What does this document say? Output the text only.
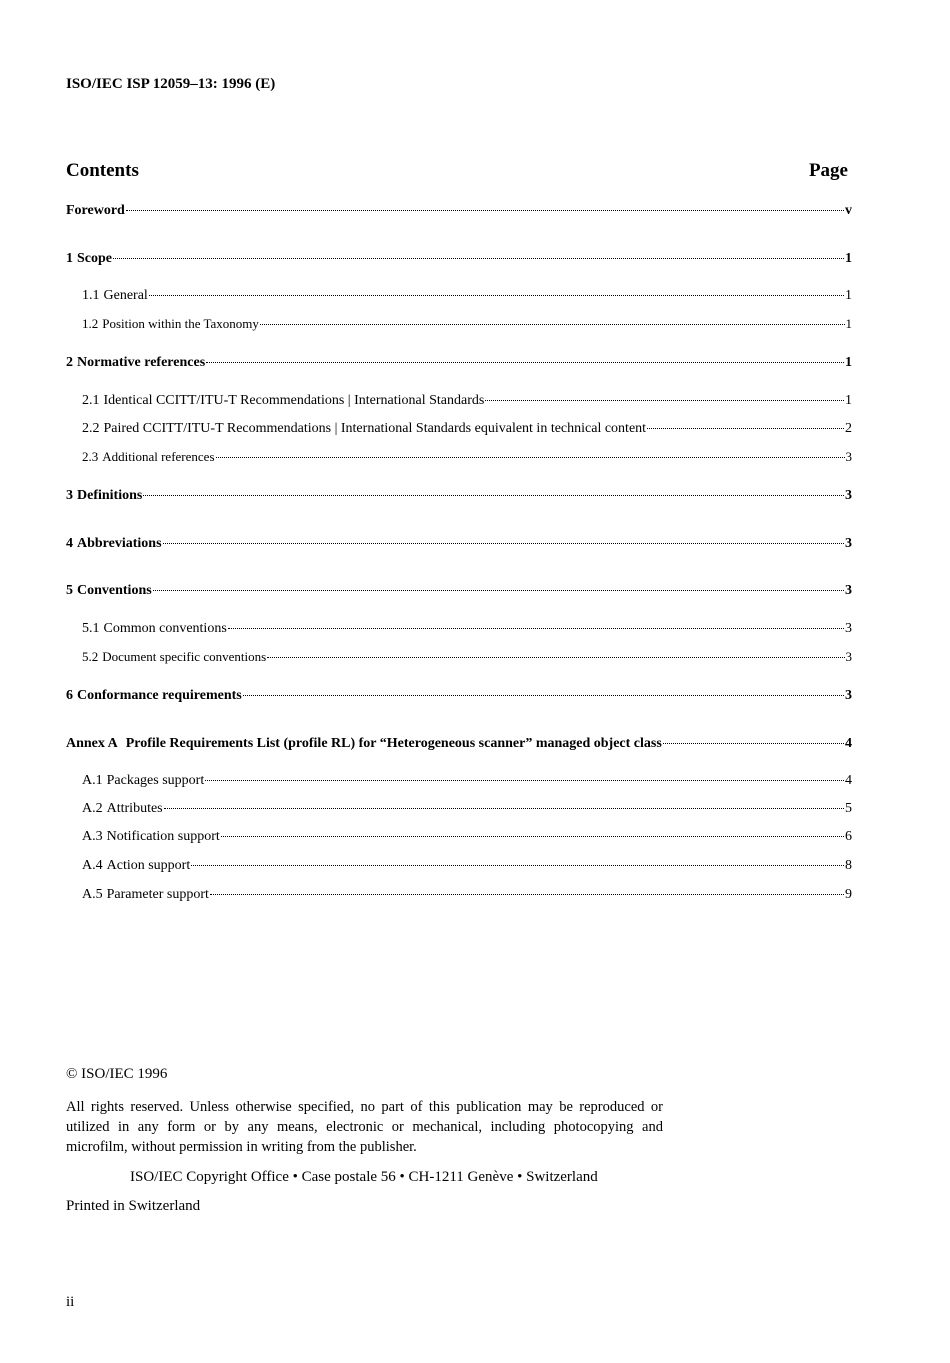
ISO/IEC ISP 12059–13: 1996 (E)
Contents	Page
Foreword	v
1 Scope	1
1.1 General	1
1.2 Position within the Taxonomy	1
2 Normative references	1
2.1 Identical CCITT/ITU-T Recommendations | International Standards	1
2.2 Paired CCITT/ITU-T Recommendations | International Standards equivalent in technical content	2
2.3 Additional references	3
3 Definitions	3
4 Abbreviations	3
5 Conventions	3
5.1 Common conventions	3
5.2 Document specific conventions	3
6 Conformance requirements	3
Annex A Profile Requirements List (profile RL) for “Heterogeneous scanner” managed object class	4
A.1 Packages support	4
A.2 Attributes	5
A.3 Notification support	6
A.4 Action support	8
A.5 Parameter support	9
© ISO/IEC 1996
All rights reserved. Unless otherwise specified, no part of this publication may be reproduced or utilized in any form or by any means, electronic or mechanical, including photocopying and microfilm, without permission in writing from the publisher.
ISO/IEC Copyright Office • Case postale 56 • CH-1211 Genève • Switzerland
Printed in Switzerland
ii
